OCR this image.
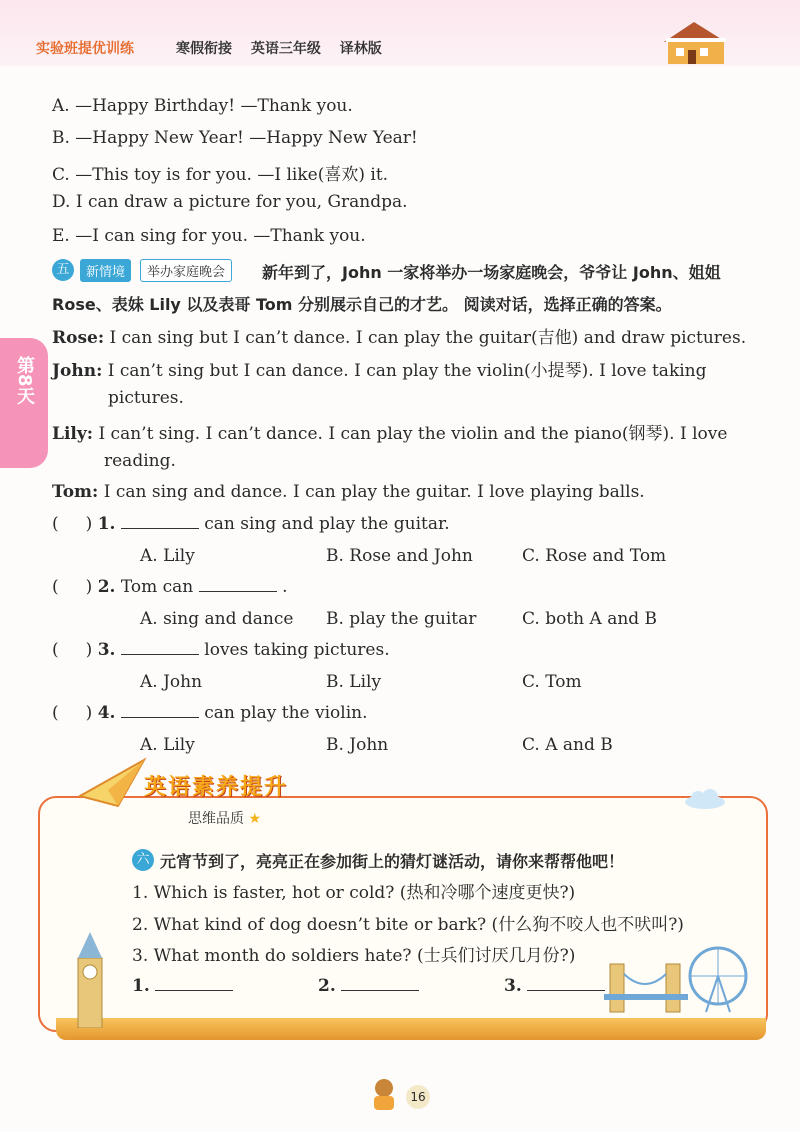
实验班提优训练	寒假衔接 英语三年级 译林版
第8天
A. —Happy Birthday! —Thank you.
B. —Happy New Year! —Happy New Year!
C. —This toy is for you. —I like(喜欢) it.
D. I can draw a picture for you, Grandpa.
E. —I can sing for you. —Thank you.
五	新情境	举办家庭晚会	新年到了，John 一家将举办一场家庭晚会，爷爷让 John、姐姐
Rose、表妹 Lily 以及表哥 Tom 分别展示自己的才艺。 阅读对话，选择正确的答案。
Rose: I can sing but I can’t dance. I can play the guitar(吉他) and draw pictures.
John: I can’t sing but I can dance. I can play the violin(小提琴). I love taking
pictures.
Lily: I can’t sing. I can’t dance. I can play the violin and the piano(钢琴). I love
reading.
Tom: I can sing and dance. I can play the guitar. I love playing balls.
(     ) 1.	can sing and play the guitar.
A. Lily	B. Rose and John	C. Rose and Tom
(     ) 2. Tom can	.
A. sing and dance B. play the guitar	C. both A and B
(     ) 3.	loves taking pictures.
A. John	B. Lily	C. Tom
(     ) 4.	can play the violin.
A. Lily	B. John	C. A and B
英语素养提升
思维品质 ★
六 元宵节到了，亮亮正在参加街上的猜灯谜活动，请你来帮帮他吧！
1. Which is faster, hot or cold? (热和冷哪个速度更快?)
2. What kind of dog doesn’t bite or bark? (什么狗不咬人也不吠叫?)
3. What month do soldiers hate? (士兵们讨厌几月份?)
1.	2.	3.
16
